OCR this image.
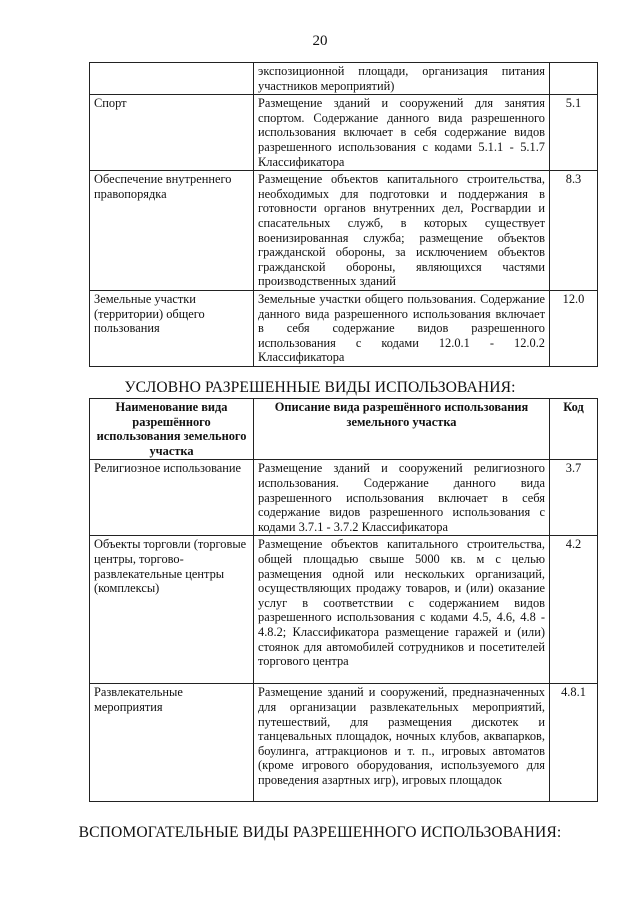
20
	экспозиционной площади, организация питания участников мероприятий)	
Спорт	Размещение зданий и сооружений для занятия спортом. Содержание данного вида разрешенного использования включает в себя содержание видов разрешенного использования с кодами 5.1.1 - 5.1.7 Классификатора	5.1
Обеспечение внутреннего правопорядка	Размещение объектов капитального строительства, необходимых для подготовки и поддержания в готовности органов внутренних дел, Росгвардии и спасательных служб, в которых существует военизированная служба; размещение объектов гражданской обороны, за исключением объектов гражданской обороны, являющихся частями производственных зданий	8.3
Земельные участки (территории) общего пользования	Земельные участки общего пользования. Содержание данного вида разрешенного использования включает в себя содержание видов разрешенного использования с кодами 12.0.1 - 12.0.2 Классификатора	12.0
УСЛОВНО РАЗРЕШЕННЫЕ ВИДЫ ИСПОЛЬЗОВАНИЯ:
Наименование вида разрешённого использования земельного участка	Описание вида разрешённого использования земельного участка	Код
Религиозное использование	Размещение зданий и сооружений религиозного использования. Содержание данного вида разрешенного использования включает в себя содержание видов разрешенного использования с кодами 3.7.1 - 3.7.2 Классификатора	3.7
Объекты торговли (торговые центры, торгово-развлекательные центры (комплексы)	Размещение объектов капитального строительства, общей площадью свыше 5000 кв. м с целью размещения одной или нескольких организаций, осуществляющих продажу товаров, и (или) оказание услуг в соответствии с содержанием видов разрешенного использования с кодами 4.5, 4.6, 4.8 - 4.8.2; Классификатора размещение гаражей и (или) стоянок для автомобилей сотрудников и посетителей торгового центра	4.2
Развлекательные мероприятия	Размещение зданий и сооружений, предназначенных для организации развлекательных мероприятий, путешествий, для размещения дискотек и танцевальных площадок, ночных клубов, аквапарков, боулинга, аттракционов и т. п., игровых автоматов (кроме игрового оборудования, используемого для проведения азартных игр), игровых площадок	4.8.1
ВСПОМОГАТЕЛЬНЫЕ ВИДЫ РАЗРЕШЕННОГО ИСПОЛЬЗОВАНИЯ:
